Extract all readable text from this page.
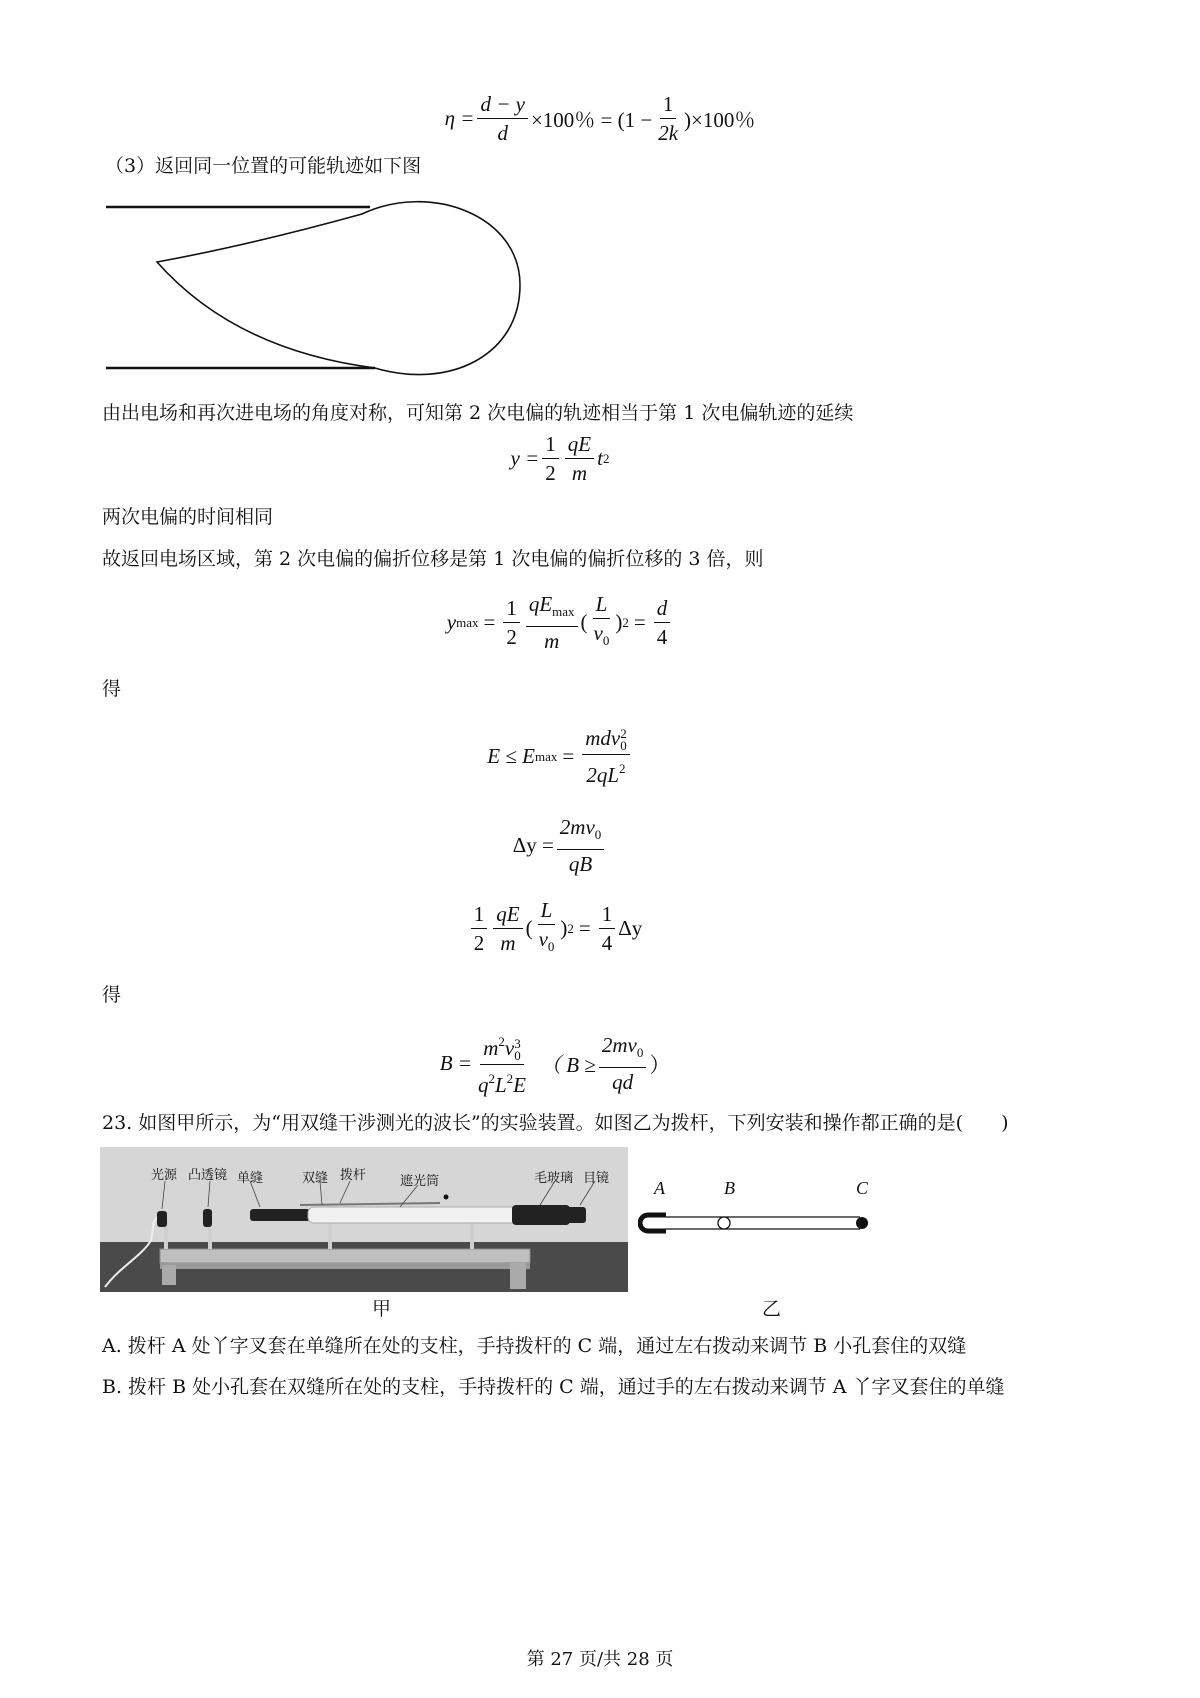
$\eta = \frac{d - y}{d} \times 100$％ = $(1 - \frac{1}{2k} )\times 100$％
（3）返回同一位置的可能轨迹如下图
由出电场和再次进电场的角度对称，可知第 2 次电偏的轨迹相当于第 1 次电偏轨迹的延续
$y = \frac{1}{2} \frac{qE}{m}$ t 2
两次电偏的时间相同
故返回电场区域，第 2 次电偏的偏折位移是第 1 次电偏的偏折位移的 3 倍，则
y $\max = \frac{1}{2} \frac{qE_{max}}{m}$ ( $\frac{L}{v_0}$ ) $2 = \frac{d}{4}$
得
E ≤ E max = mdv 2
0
$2qL^2$
$\Delta y = \frac{2mv_0}{qB}$
$\frac{1}{2} \frac{qE}{m}$ ( $\frac{L}{v_0}$ ) $2 = \frac{1}{4}$ Δy
得
$B = m^2v$ 3
0
$q^2L^2E$ （ $B \ge \frac{2mv_0}{qd}$ ）
23. 如图甲所示，为“用双缝干涉测光的波长”的实验装置。如图乙为拨杆，下列安装和操作都正确的是(　　)
光源 凸透镜 单缝	双缝 拨杆	遮光筒	毛玻璃 目镜 A	B	C
甲	乙
A. 拨杆 A 处丫字叉套在单缝所在处的支柱，手持拨杆的 C 端，通过左右拨动来调节 B 小孔套住的双缝
B. 拨杆 B 处小孔套在双缝所在处的支柱，手持拨杆的 C 端，通过手的左右拨动来调节 A 丫字叉套住的单缝
第 27 页/共 28 页
